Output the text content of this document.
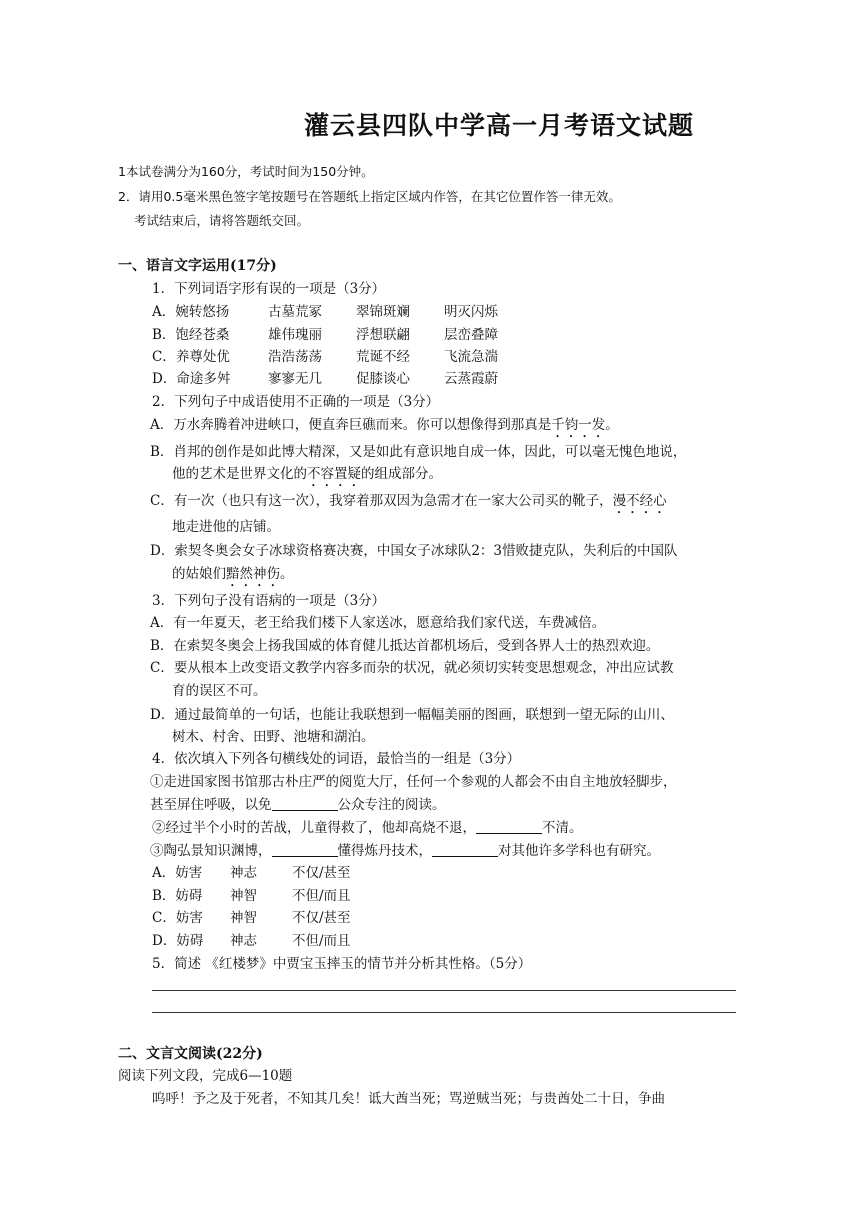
灌云县四队中学高一月考语文试题
1本试卷满分为160分，考试时间为150分钟。
2．请用0.5毫米黑色签字笔按题号在答题纸上指定区域内作答，在其它位置作答一律无效。
考试结束后，请将答题纸交回。
一、语言文字运用(17分)
1．下列词语字形有误的一项是（3分）
A．婉转悠扬	古墓荒冢	翠锦斑斓	明灭闪烁
B．饱经苍桑	雄伟瑰丽	浮想联翩	层峦叠障
C．养尊处优	浩浩荡荡	荒诞不经	飞流急湍
D．命途多舛	寥寥无几	促膝谈心	云蒸霞蔚
2．下列句子中成语使用不正确的一项是（3分）
A．万水奔腾着冲进峡口，便直奔巨礁而来。你可以想像得到那真是千钧一发。
B．肖邦的创作是如此博大精深，又是如此有意识地自成一体，因此，可以毫无愧色地说，
他的艺术是世界文化的不容置疑的组成部分。
C．有一次（也只有这一次），我穿着那双因为急需才在一家大公司买的靴子，漫不经心
地走进他的店铺。
D．索契冬奥会女子冰球资格赛决赛，中国女子冰球队2：3惜败捷克队，失利后的中国队
的姑娘们黯然神伤。
3．下列句子没有语病的一项是（3分）
A．有一年夏天，老王给我们楼下人家送冰，愿意给我们家代送，车费减倍。
B．在索契冬奥会上扬我国威的体育健儿抵达首都机场后，受到各界人士的热烈欢迎。
C．要从根本上改变语文教学内容多而杂的状况，就必须切实转变思想观念，冲出应试教
育的误区不可。
D．通过最简单的一句话，也能让我联想到一幅幅美丽的图画，联想到一望无际的山川、
树木、村舍、田野、池塘和湖泊。
4．依次填入下列各句横线处的词语，最恰当的一组是（3分）
①走进国家图书馆那古朴庄严的阅览大厅，任何一个参观的人都会不由自主地放轻脚步，
甚至屏住呼吸，以免	公众专注的阅读。
②经过半个小时的苦战，儿童得救了，他却高烧不退，	不清。
③陶弘景知识渊博，	懂得炼丹技术，	对其他许多学科也有研究。
A．妨害 神志	不仅/甚至
B．妨碍 神智	不但/而且
C．妨害 神智	不仅/甚至
D．妨碍 神志	不但/而且
5．简述 《红楼梦》中贾宝玉摔玉的情节并分析其性格。（5分）
二、文言文阅读(22分)
阅读下列文段，完成6—10题
呜呼！予之及于死者，不知其几矣！诋大酋当死；骂逆贼当死；与贵酋处二十日，争曲
